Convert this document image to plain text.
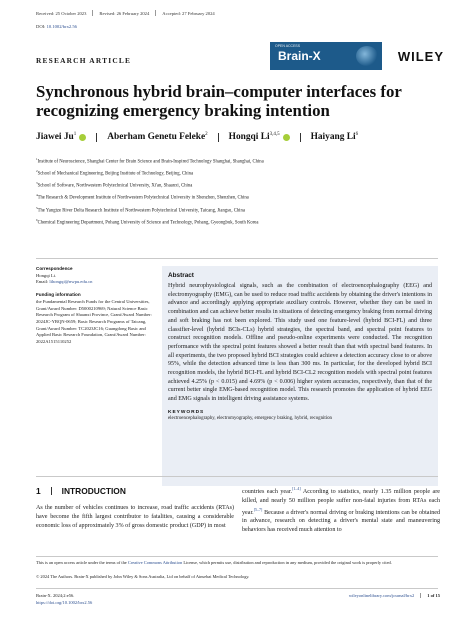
Received: 25 October 2023	Revised: 26 February 2024	Accepted: 27 February 2024
DOI: 10.1002/brx2.56
RESEARCH ARTICLE
OPEN ACCESS
Brain-X	WILEY
Synchronous hybrid brain–computer interfaces for recognizing emergency braking intention
Jiawei Ju$^1$	Aberham Genetu Feleke$^2$ Hongqi Li$^{3,4,5}$	Haiyang Li$^6$
$^1$Institute of Neuroscience, Shanghai Center for Brain Science and Brain-Inspired Technology Shanghai, Shanghai, China
$^2$School of Mechanical Engineering, Beijing Institute of Technology, Beijing, China
$^3$School of Software, Northwestern Polytechnical University, Xi'an, Shaanxi, China
$^4$The Research & Development Institute of Northwestern Polytechnical University in Shenzhen, Shenzhen, China
$^5$The Yangtze River Delta Research Institute of Northwestern Polytechnical University, Taicang, Jiangsu, China
$^6$Chemical Engineering Department, Pohang University of Science and Technology, Pohang, Gyeongbuk, South Korea
Correspondence
Hongqi Li.
Email: lihongqi@nwpu.edu.cn
Funding information
the Fundamental Research Funds for the Central Universities, Grant/Award Number: D5000210969; Natural Science Basic Research Program of Shaanxi Province, Grant/Award Number: 2024JC-YBQN-0659; Basic Research Programs of Taicang, Grant/Award Number: TC2023JC16; Guangdong Basic and Applied Basic Research Foundation, Grant/Award Number: 2022A1515110252
Abstract
Hybrid neurophysiological signals, such as the combination of electroencephalography (EEG) and electromyography (EMG), can be used to reduce road traffic accidents by obtaining the driver's intentions in advance and accordingly applying appropriate auxiliary controls. However, whether they can be used in combination and can achieve better results in situations of detecting emergency braking from normal driving and soft braking has not been explored. This study used one feature-level (hybrid BCI-FL) and three classifier-level (hybrid BCIs-CLs) hybrid strategies, the spectral band, and spectral point features to construct recognition models. Offline and pseudo-online experiments were conducted. The recognition performance with the spectral point features showed a better result than that with spectral band features. In all experiments, the two proposed hybrid BCI strategies could achieve a detection accuracy close to or above 95%, while the detection advanced time is less than 300 ms. In particular, for the developed hybrid BCI recognition models, the hybrid BCI-FL and hybrid BCI-CL2 recognition models with spectral point features achieved 4.25% (p < 0.015) and 4.69% (p < 0.006) higher system accuracies, respectively, than that of the current better single EMG-based recognition model. This research promotes the application of hybrid EEG and EMG signals in intelligent driving assistance systems.
KEYWORDS
electroencephalography, electromyography, emergency braking, hybrid, recognition
1	INTRODUCTION
As the number of vehicles continues to increase, road traffic accidents (RTAs) have become the fifth largest contributor to fatalities, causing a considerable economic loss of approximately 3% of gross domestic product (GDP) in most
countries each year.[1–4] According to statistics, nearly 1.35 million people are killed, and nearly 50 million people suffer non-fatal injuries from RTAs each year.[5–7] Because a driver's normal driving or braking intentions can be obtained in advance, research on detecting a driver's mental state and maneuvering behaviors has received much attention to
This is an open access article under the terms of the Creative Commons Attribution License, which permits use, distribution and reproduction in any medium, provided the original work is properly cited.
© 2024 The Authors. Brain-X published by John Wiley & Sons Australia, Ltd on behalf of Ainsebai Medical Technology.
Brain-X. 2024;2:e56.
https://doi.org/10.1002/brx2.56
wileyonlinelibrary.com/journal/brx2	1 of 15
